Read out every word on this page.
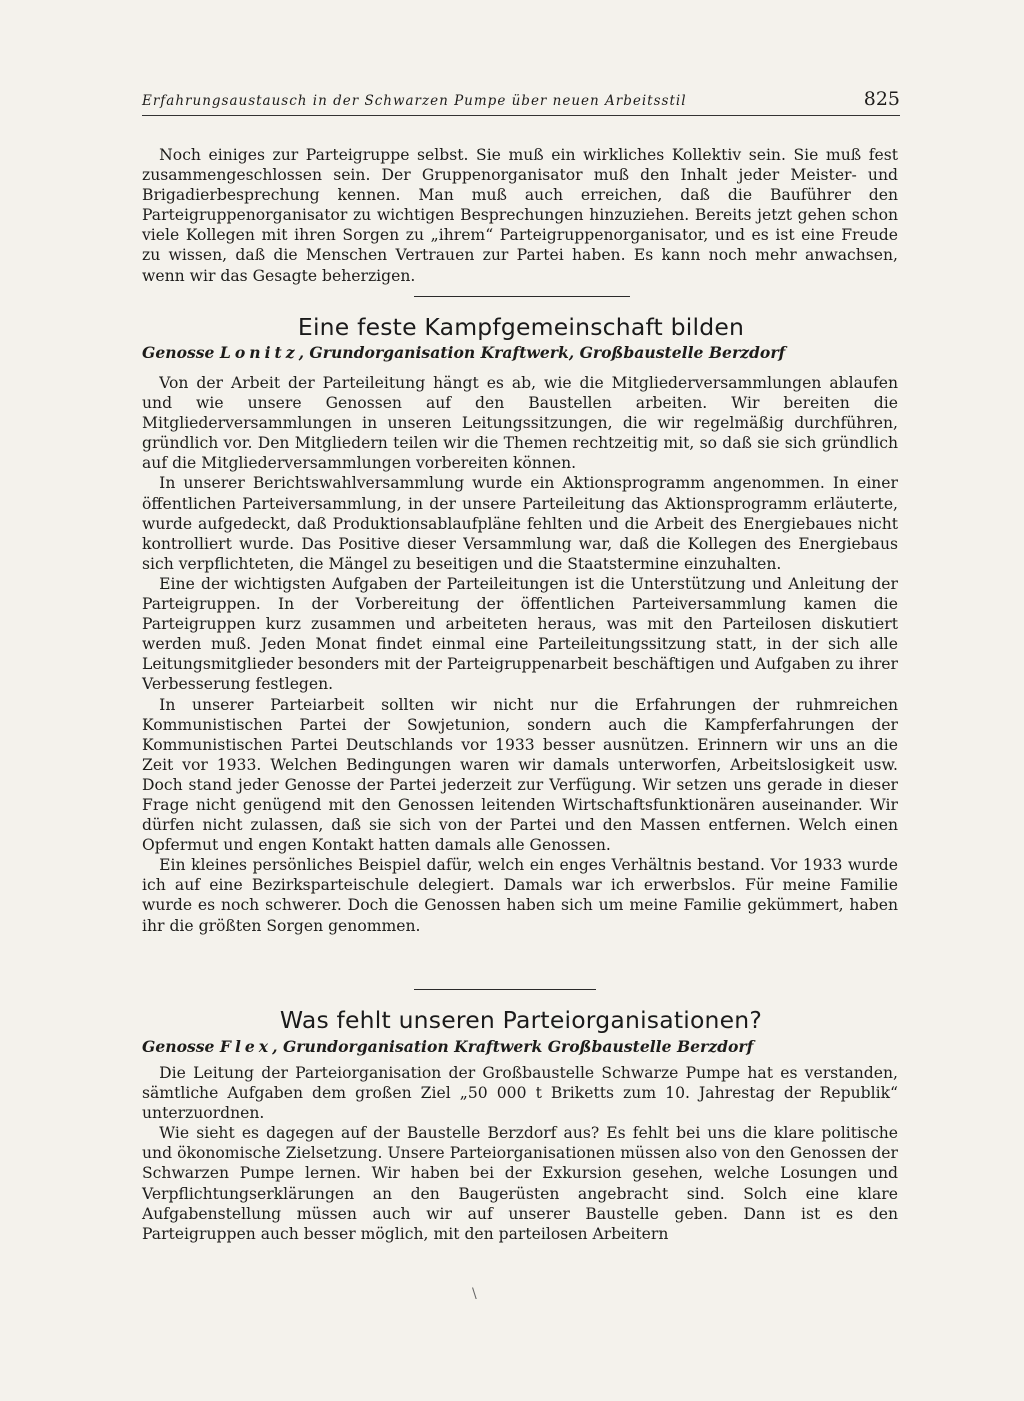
Erfahrungsaustausch in der Schwarzen Pumpe über neuen Arbeitsstil	825

Noch einiges zur Parteigruppe selbst. Sie muß ein wirkliches Kollektiv sein. Sie muß fest zusammengeschlossen sein. Der Gruppenorganisator muß den Inhalt jeder Meister- und Brigadierbesprechung kennen. Man muß auch erreichen, daß die Bauführer den Parteigruppenorganisator zu wichtigen Besprechungen hinzuziehen. Bereits jetzt gehen schon viele Kollegen mit ihren Sorgen zu „ihrem“ Parteigruppenorganisator, und es ist eine Freude zu wissen, daß die Menschen Vertrauen zur Partei haben. Es kann noch mehr anwachsen, wenn wir das Gesagte beherzigen.

Eine feste Kampfgemeinschaft bilden
Genosse Lonitz, Grundorganisation Kraftwerk, Großbaustelle Berzdorf

Von der Arbeit der Parteileitung hängt es ab, wie die Mitgliederversammlungen ablaufen und wie unsere Genossen auf den Baustellen arbeiten. Wir bereiten die Mitgliederversammlungen in unseren Leitungssitzungen, die wir regelmäßig durchführen, gründlich vor. Den Mitgliedern teilen wir die Themen rechtzeitig mit, so daß sie sich gründlich auf die Mitgliederversammlungen vorbereiten können.

In unserer Berichtswahlversammlung wurde ein Aktionsprogramm angenommen. In einer öffentlichen Parteiversammlung, in der unsere Parteileitung das Aktionsprogramm erläuterte, wurde aufgedeckt, daß Produktionsablaufpläne fehlten und die Arbeit des Energiebaues nicht kontrolliert wurde. Das Positive dieser Versammlung war, daß die Kollegen des Energiebaus sich verpflichteten, die Mängel zu beseitigen und die Staatstermine einzuhalten.

Eine der wichtigsten Aufgaben der Parteileitungen ist die Unterstützung und Anleitung der Parteigruppen. In der Vorbereitung der öffentlichen Parteiversammlung kamen die Parteigruppen kurz zusammen und arbeiteten heraus, was mit den Parteilosen diskutiert werden muß. Jeden Monat findet einmal eine Parteileitungssitzung statt, in der sich alle Leitungsmitglieder besonders mit der Parteigruppenarbeit beschäftigen und Aufgaben zu ihrer Verbesserung festlegen.

In unserer Parteiarbeit sollten wir nicht nur die Erfahrungen der ruhmreichen Kommunistischen Partei der Sowjetunion, sondern auch die Kampferfahrungen der Kommunistischen Partei Deutschlands vor 1933 besser ausnützen. Erinnern wir uns an die Zeit vor 1933. Welchen Bedingungen waren wir damals unterworfen, Arbeitslosigkeit usw. Doch stand jeder Genosse der Partei jederzeit zur Verfügung. Wir setzen uns gerade in dieser Frage nicht genügend mit den Genossen leitenden Wirtschaftsfunktionären auseinander. Wir dürfen nicht zulassen, daß sie sich von der Partei und den Massen entfernen. Welch einen Opfermut und engen Kontakt hatten damals alle Genossen.

Ein kleines persönliches Beispiel dafür, welch ein enges Verhältnis bestand. Vor 1933 wurde ich auf eine Bezirksparteischule delegiert. Damals war ich erwerbslos. Für meine Familie wurde es noch schwerer. Doch die Genossen haben sich um meine Familie gekümmert, haben ihr die größten Sorgen genommen.

Was fehlt unseren Parteiorganisationen?
Genosse Flex, Grundorganisation Kraftwerk Großbaustelle Berzdorf

Die Leitung der Parteiorganisation der Großbaustelle Schwarze Pumpe hat es verstanden, sämtliche Aufgaben dem großen Ziel „50 000 t Briketts zum 10. Jahrestag der Republik“ unterzuordnen.

Wie sieht es dagegen auf der Baustelle Berzdorf aus? Es fehlt bei uns die klare politische und ökonomische Zielsetzung. Unsere Parteiorganisationen müssen also von den Genossen der Schwarzen Pumpe lernen. Wir haben bei der Exkursion gesehen, welche Losungen und Verpflichtungserklärungen an den Baugerüsten angebracht sind. Solch eine klare Aufgabenstellung müssen auch wir auf unserer Baustelle geben. Dann ist es den Parteigruppen auch besser möglich, mit den parteilosen Arbeitern

\
